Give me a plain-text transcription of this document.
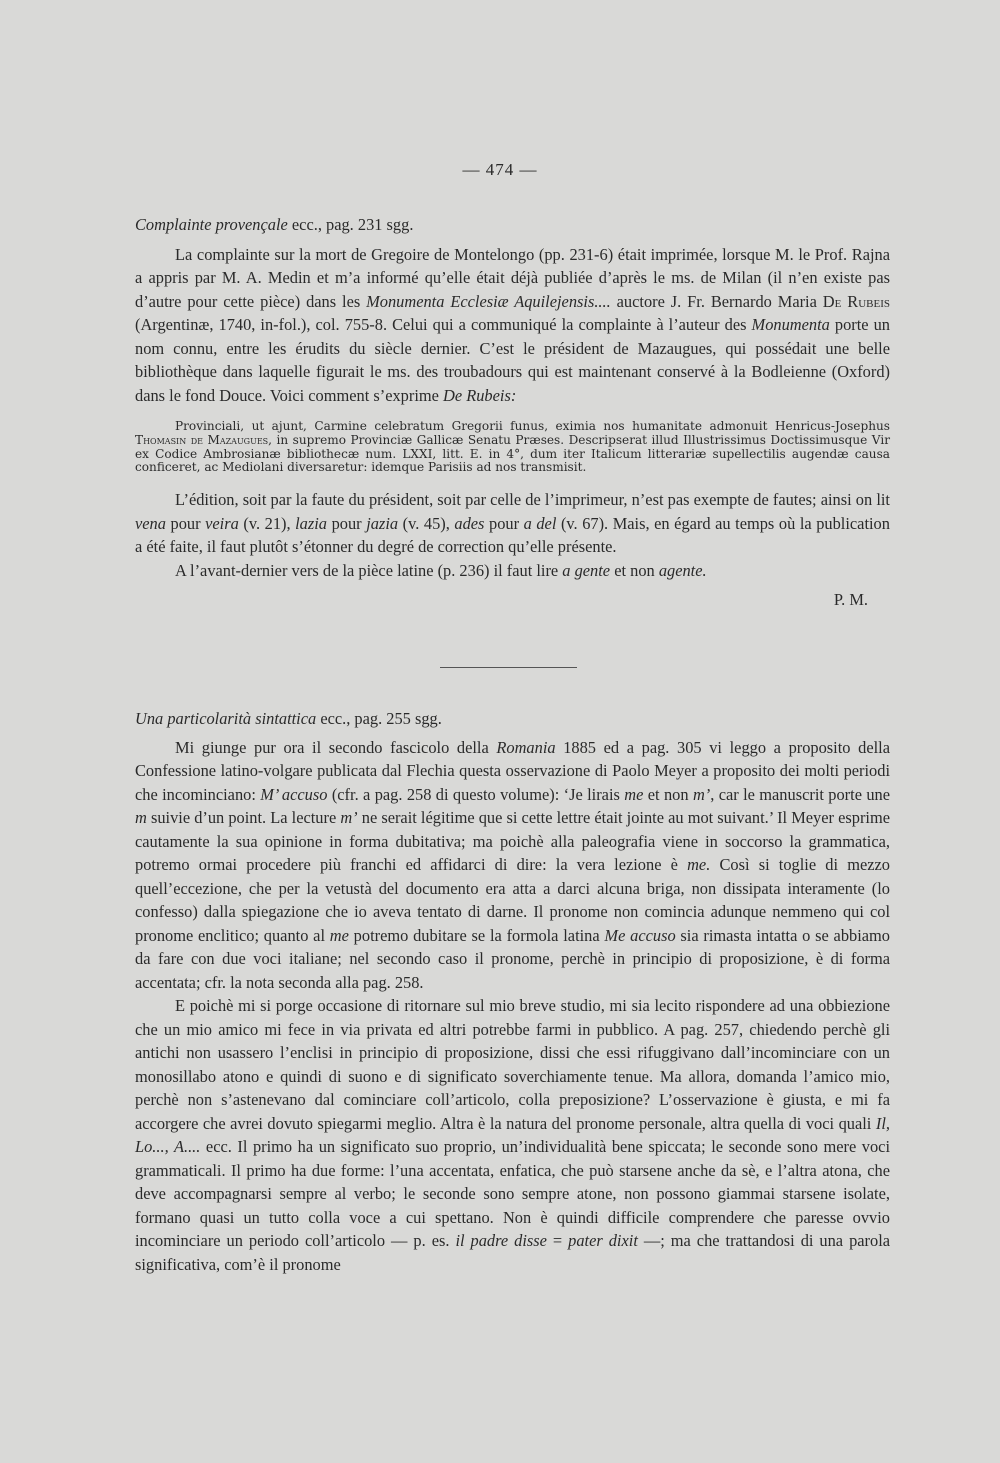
— 474 —
Complainte provençale ecc., pag. 231 sgg.

La complainte sur la mort de Gregoire de Montelongo (pp. 231-6) était imprimée, lorsque M. le Prof. Rajna a appris par M. A. Medin et m’a informé qu’elle était déjà publiée d’après le ms. de Milan (il n’en existe pas d’autre pour cette pièce) dans les Monumenta Ecclesiæ Aquilejensis.... auctore J. Fr. Bernardo Maria De Rubeis (Argentinæ, 1740, in-fol.), col. 755-8. Celui qui a communiqué la complainte à l’auteur des Monumenta porte un nom connu, entre les érudits du siècle dernier. C’est le président de Mazaugues, qui possédait une belle bibliothèque dans laquelle figurait le ms. des troubadours qui est maintenant conservé à la Bodleienne (Oxford) dans le fond Douce. Voici comment s’exprime De Rubeis:

Provinciali, ut ajunt, Carmine celebratum Gregorii funus, eximia nos humanitate admonuit Henricus-Josephus Thomasin de Mazaugues, in supremo Provinciæ Gallicæ Senatu Præses. Descripserat illud Illustrissimus Doctissimusque Vir ex Codice Ambrosianæ bibliothecæ num. LXXI, litt. E. in 4°, dum iter Italicum litterariæ supellectilis augendæ causa conficeret, ac Mediolani diversaretur: idemque Parisiis ad nos transmisit.

L’édition, soit par la faute du président, soit par celle de l’imprimeur, n’est pas exempte de fautes; ainsi on lit vena pour veira (v. 21), lazia pour jazia (v. 45), ades pour a del (v. 67). Mais, en égard au temps où la publication a été faite, il faut plutôt s’étonner du degré de correction qu’elle présente.

A l’avant-dernier vers de la pièce latine (p. 236) il faut lire a gente et non agente.

P. M.
Una particolarità sintattica ecc., pag. 255 sgg.

Mi giunge pur ora il secondo fascicolo della Romania 1885 ed a pag. 305 vi leggo a proposito della Confessione latino-volgare publicata dal Flechia questa osservazione di Paolo Meyer a proposito dei molti periodi che incominciano: M’ accuso (cfr. a pag. 258 di questo volume): ‘Je lirais me et non m’, car le manuscrit porte une m suivie d’un point. La lecture m’ ne serait légitime que si cette lettre était jointe au mot suivant.’ Il Meyer esprime cautamente la sua opinione in forma dubitativa; ma poichè alla paleografia viene in soccorso la grammatica, potremo ormai procedere più franchi ed affidarci di dire: la vera lezione è me. Così si toglie di mezzo quell’eccezione, che per la vetustà del documento era atta a darci alcuna briga, non dissipata interamente (lo confesso) dalla spiegazione che io aveva tentato di darne. Il pronome non comincia adunque nemmeno qui col pronome enclitico; quanto al me potremo dubitare se la formola latina Me accuso sia rimasta intatta o se abbiamo da fare con due voci italiane; nel secondo caso il pronome, perchè in principio di proposizione, è di forma accentata; cfr. la nota seconda alla pag. 258.

E poichè mi si porge occasione di ritornare sul mio breve studio, mi sia lecito rispondere ad una obbiezione che un mio amico mi fece in via privata ed altri potrebbe farmi in pubblico. A pag. 257, chiedendo perchè gli antichi non usassero l’enclisi in principio di proposizione, dissi che essi rifuggivano dall’incominciare con un monosillabo atono e quindi di suono e di significato soverchiamente tenue. Ma allora, domanda l’amico mio, perchè non s’astenevano dal cominciare coll’articolo, colla preposizione? L’osservazione è giusta, e mi fa accorgere che avrei dovuto spiegarmi meglio. Altra è la natura del pronome personale, altra quella di voci quali Il, Lo..., A.... ecc. Il primo ha un significato suo proprio, un’individualità bene spiccata; le seconde sono mere voci grammaticali. Il primo ha due forme: l’una accentata, enfatica, che può starsene anche da sè, e l’altra atona, che deve accompagnarsi sempre al verbo; le seconde sono sempre atone, non possono giammai starsene isolate, formano quasi un tutto colla voce a cui spettano. Non è quindi difficile comprendere che paresse ovvio incominciare un periodo coll’articolo — p. es. il padre disse = pater dixit —; ma che trattandosi di una parola significativa, com’è il pronome
